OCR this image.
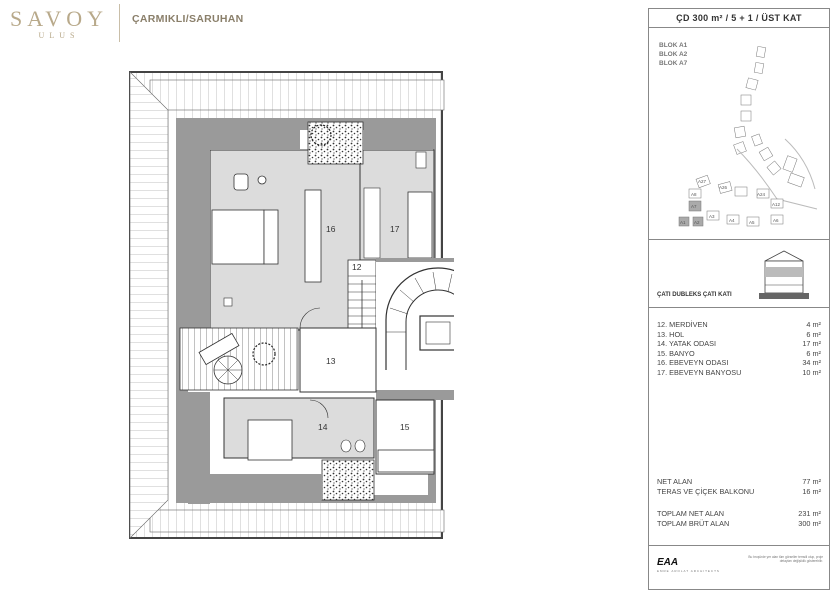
SAVOY
ULUS
ÇARMIKLI/SARUHAN
12
13
14	15
16	17
ÇD 300 m² / 5 + 1 / ÜST KAT
BLOK A1
BLOK A2
BLOK A7
A1 A2
A3
A4	A5	A6
A7
A8
A12
A24
A26
A27
ÇATI DUBLEKS ÇATI KATI
12. MERDİVEN	4 m²
13. HOL	6 m²
14. YATAK ODASI	17 m²
15. BANYO	6 m²
16. EBEVEYN ODASI	34 m²
17. EBEVEYN BANYOSU	10 m²
NET ALAN	77 m²
TERAS VE ÇİÇEK BALKONU	16 m²
TOPLAM NET ALAN	231 m²
TOPLAM BRÜT ALAN	300 m²
EAA
EMRE AROLAT ARCHITECTS
Bu broşürde yer alan tüm görseller temsili olup, proje detayları değişiklik gösterebilir.
